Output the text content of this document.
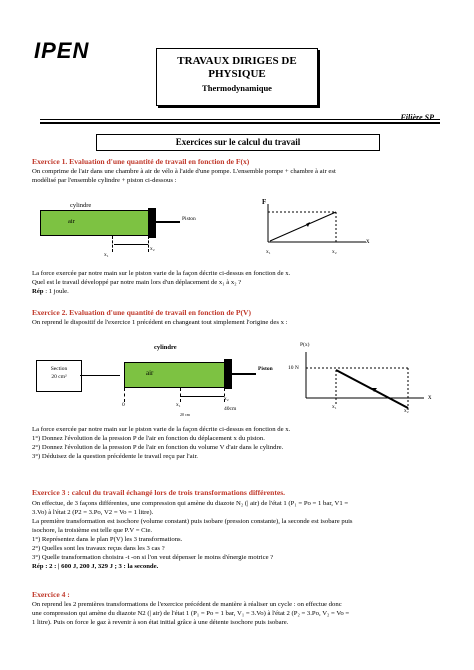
IPEN	TRAVAUX DIRIGES DE
PHYSIQUE
Thermodynamique
Filière SP
Exercices sur le calcul du travail
Exercice 1. Evaluation d'une quantité de travail en fonction de F(x)
On comprime de l'air dans une chambre à air de vélo à l'aide d'une pompe. L'ensemble pompe + chambre à air est
modélisé par l'ensemble cylindre + piston ci-dessous :
cylindre
air	Piston
x₁
x₂
F
x
x₁	x₂
La force exercée par notre main sur le piston varie de la façon décrite ci-dessus en fonction de x.
Quel est le travail développé par notre main lors d'un déplacement de x₁ à x₂ ?
Rép : 1 joule.
Exercice 2. Evaluation d'une quantité de travail en fonction de P(V)
On reprend le dispositif de l'exercice 1 précédent en changeant tout simplement l'origine des x :
Section
20 cm²
cylindre
air	Piston
0	x₁
x₂
40cm
20 cm
P(x)
10 N
x
x₁
x₂
La force exercée par notre main sur le piston varie de la façon décrite ci-dessus en fonction de x.
1°) Donnez l'évolution de la pression P de l'air en fonction du déplacement x du piston.
2°) Donnez l'évolution de la pression P de l'air en fonction du volume V d'air dans le cylindre.
3°) Déduisez de la question précédente le travail reçu par l'air.
Exercice 3 : calcul du travail échangé lors de trois transformations différentes.
On effectue, de 3 façons différentes, une compression qui amène du diazote N₂ (| air) de l'état 1 (P₁ = Po = 1 bar, V1 =
3.Vo) à l'état 2 (P2 = 3.Po, V2 = Vo = 1 litre).
La première transformation est isochore (volume constant) puis isobare (pression constante), la seconde est isobare puis
isochore, la troisième est telle que P.V = Cte.
1°) Représentez dans le plan P(V) les 3 transformations.
2°) Quelles sont les travaux reçus dans les 3 cas ?
3°) Quelle transformation choisira -t -on si l'on veut dépenser le moins d'énergie motrice ?
Rép : 2 : | 600 J, 200 J, 329 J ; 3 : la seconde.
Exercice 4 :
On reprend les 2 premières transformations de l'exercice précédent de manière à réaliser un cycle : on effectue donc
une compression qui amène du diazote N2 (| air) de l'état 1 (P₁ = Po = 1 bar, V₁ = 3.Vo) à l'état 2 (P₂ = 3.Po, V₂ = Vo =
1 litre). Puis on force le gaz à revenir à son état initial grâce à une détente isochore puis isobare.
